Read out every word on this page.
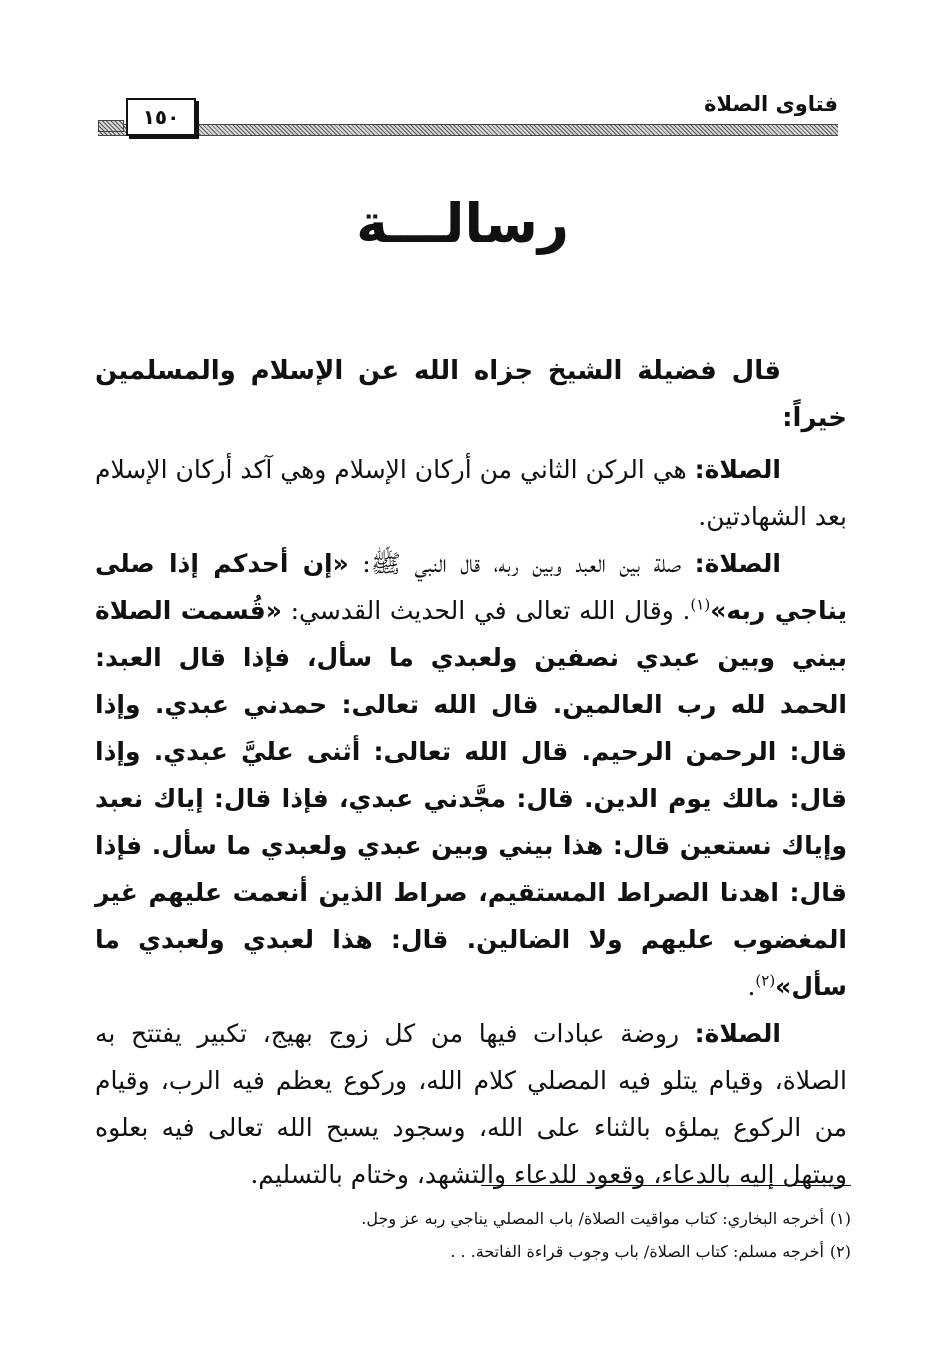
فتاوى الصلاة
١٥٠
رسالـــة

قال فضيلة الشيخ جزاه الله عن الإسلام والمسلمين خيراً:

الصلاة: هي الركن الثاني من أركان الإسلام وهي آكد أركان الإسلام بعد الشهادتين.

الصلاة: صلة بين العبد وبين ربه، قال النبي ﷺ: «إن أحدكم إذا صلى يناجي ربه»$^{(١)}$. وقال الله تعالى في الحديث القدسي: «قُسمت الصلاة بيني وبين عبدي نصفين ولعبدي ما سأل، فإذا قال العبد: الحمد لله رب العالمين. قال الله تعالى: حمدني عبدي. وإذا قال: الرحمن الرحيم. قال الله تعالى: أثنى عليَّ عبدي. وإذا قال: مالك يوم الدين. قال: مجَّدني عبدي، فإذا قال: إياك نعبد وإياك نستعين قال: هذا بيني وبين عبدي ولعبدي ما سأل. فإذا قال: اهدنا الصراط المستقيم، صراط الذين أنعمت عليهم غير المغضوب عليهم ولا الضالين. قال: هذا لعبدي ولعبدي ما سأل»$^{(٢)}$.

الصلاة: روضة عبادات فيها من كل زوج بهيج، تكبير يفتتح به الصلاة، وقيام يتلو فيه المصلي كلام الله، وركوع يعظم فيه الرب، وقيام من الركوع يملؤه بالثناء على الله، وسجود يسبح الله تعالى فيه بعلوه ويبتهل إليه بالدعاء، وقعود للدعاء والتشهد، وختام بالتسليم.

(١)أخرجه البخاري: كتاب مواقيت الصلاة/ باب المصلي يناجي ربه عز وجل.
(٢)أخرجه مسلم: كتاب الصلاة/ باب وجوب قراءة الفاتحة. . .
